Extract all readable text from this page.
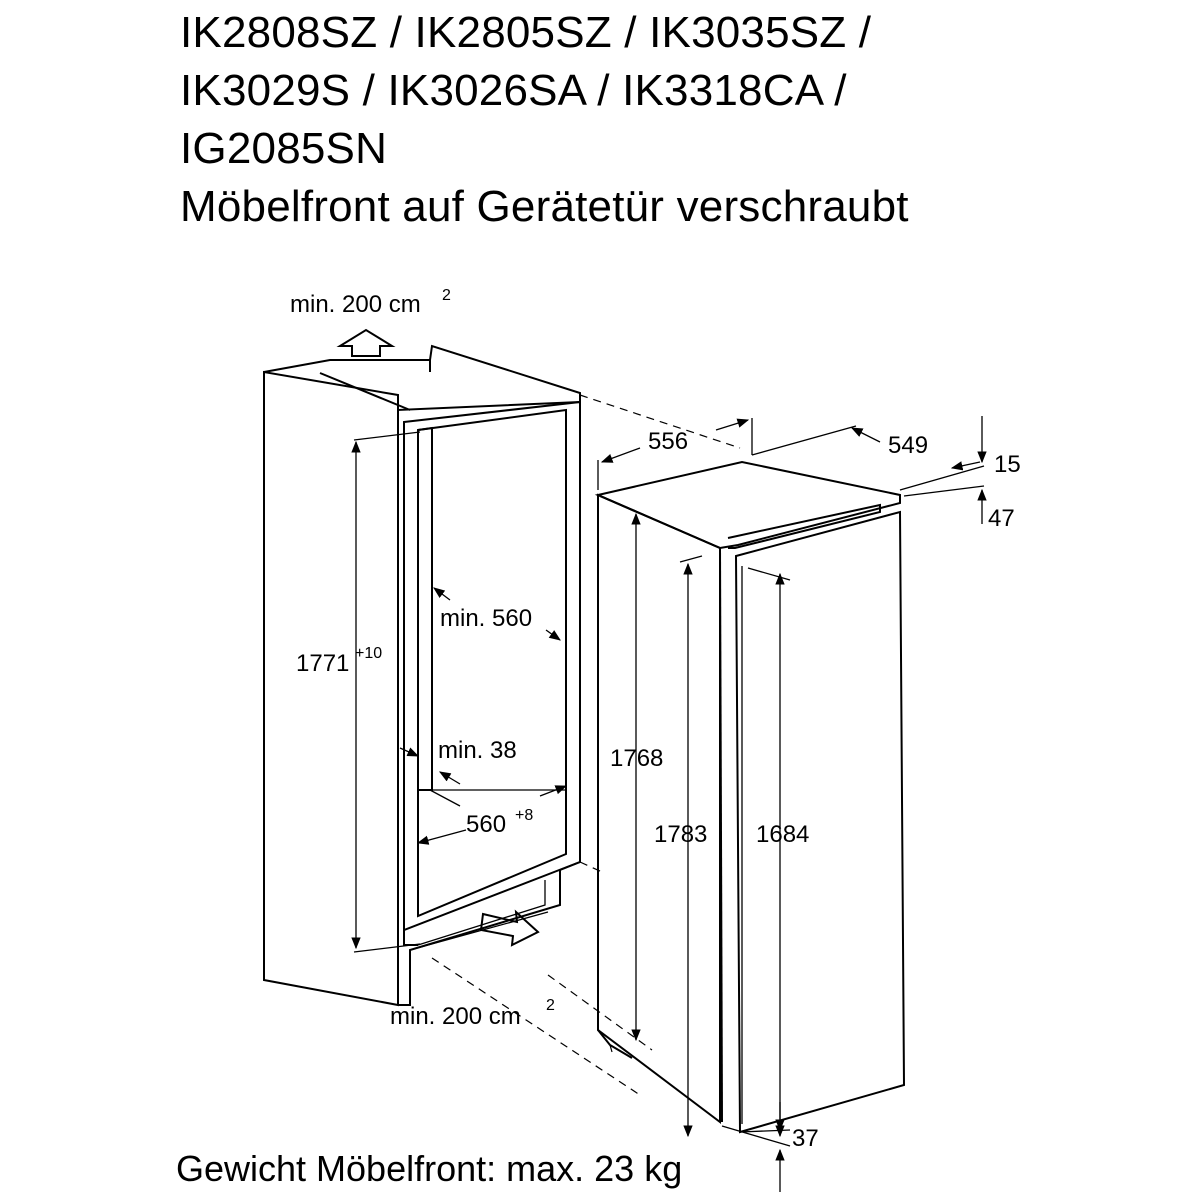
IK2808SZ / IK2805SZ / IK3035SZ /
IK3029S / IK3026SA / IK3318CA /
IG2085SN
Möbelfront auf Gerätetür verschraubt
min. 200 cm 2
min. 200 cm 2
1771 +10
min. 560
min. 38
560 +8
556	549
15
47
1768
1783 1684
37
Gewicht Möbelfront: max. 23 kg
